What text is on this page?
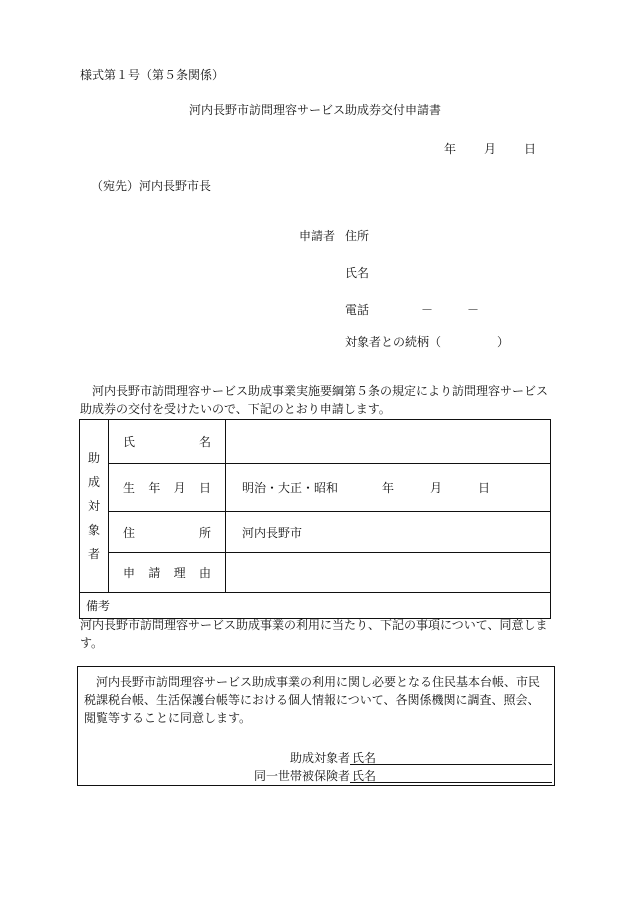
様式第１号（第５条関係）
河内長野市訪問理容サービス助成券交付申請書
年 月 日
（宛先）河内長野市長
申請者 住所
氏名
電話	－	－
対象者との続柄（	）
河内長野市訪問理容サービス助成事業実施要綱第５条の規定により訪問理容サービス助成券の交付を受けたいので、下記のとおり申請します。
助
成
対
象
者	氏 名	

	生 年 月 日	明治・大正・昭和 年 月 日

	住 所	河内長野市

	申 請 理 由	

備考		
河内長野市訪問理容サービス助成事業の利用に当たり、下記の事項について、同意します。
河内長野市訪問理容サービス助成事業の利用に関し必要となる住民基本台帳、市民税課税台帳、生活保護台帳等における個人情報について、各関係機関に調査、照会、閲覧等することに同意します。
助成対象者 氏名
同一世帯被保険者 氏名
